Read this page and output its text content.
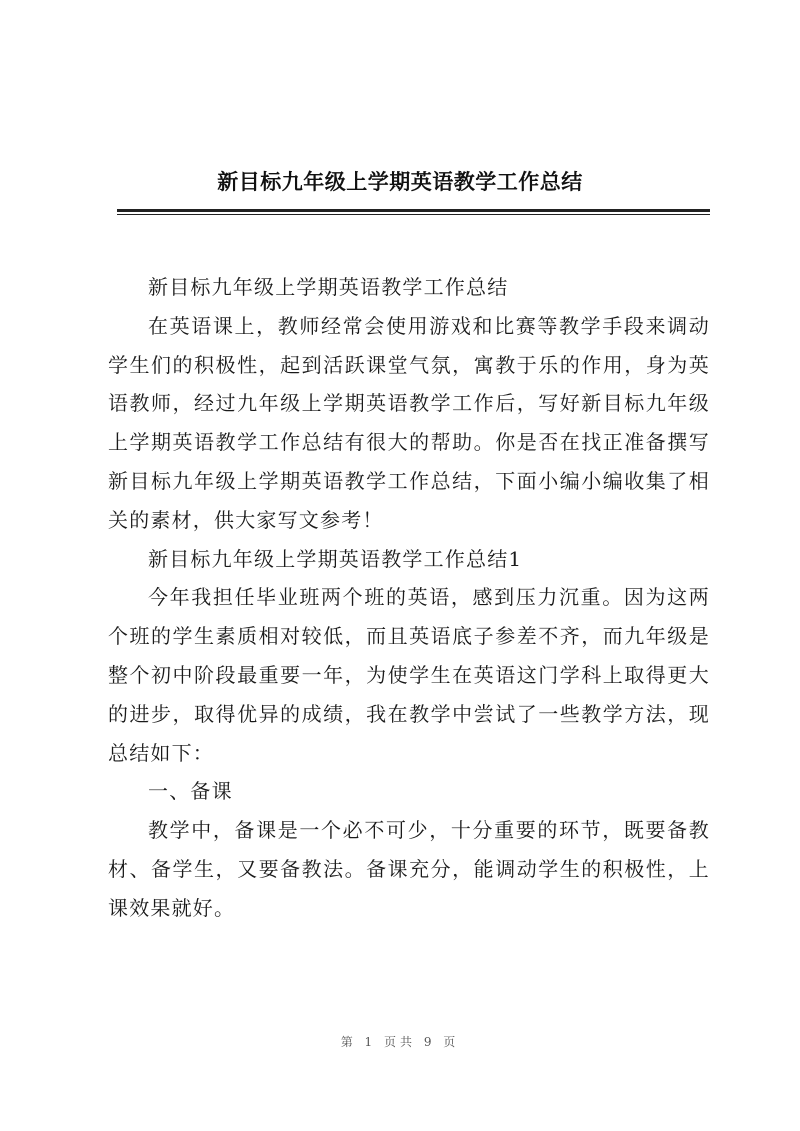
新目标九年级上学期英语教学工作总结

新目标九年级上学期英语教学工作总结

在英语课上，教师经常会使用游戏和比赛等教学手段来调动学生们的积极性，起到活跃课堂气氛，寓教于乐的作用，身为英语教师，经过九年级上学期英语教学工作后，写好新目标九年级上学期英语教学工作总结有很大的帮助。你是否在找正准备撰写新目标九年级上学期英语教学工作总结，下面小编小编收集了相关的素材，供大家写文参考！

新目标九年级上学期英语教学工作总结1

今年我担任毕业班两个班的英语，感到压力沉重。因为这两个班的学生素质相对较低，而且英语底子参差不齐，而九年级是整个初中阶段最重要一年，为使学生在英语这门学科上取得更大的进步，取得优异的成绩，我在教学中尝试了一些教学方法，现总结如下：

一、备课

教学中，备课是一个必不可少，十分重要的环节，既要备教材、备学生，又要备教法。备课充分，能调动学生的积极性，上课效果就好。

第 1 页共 9 页
